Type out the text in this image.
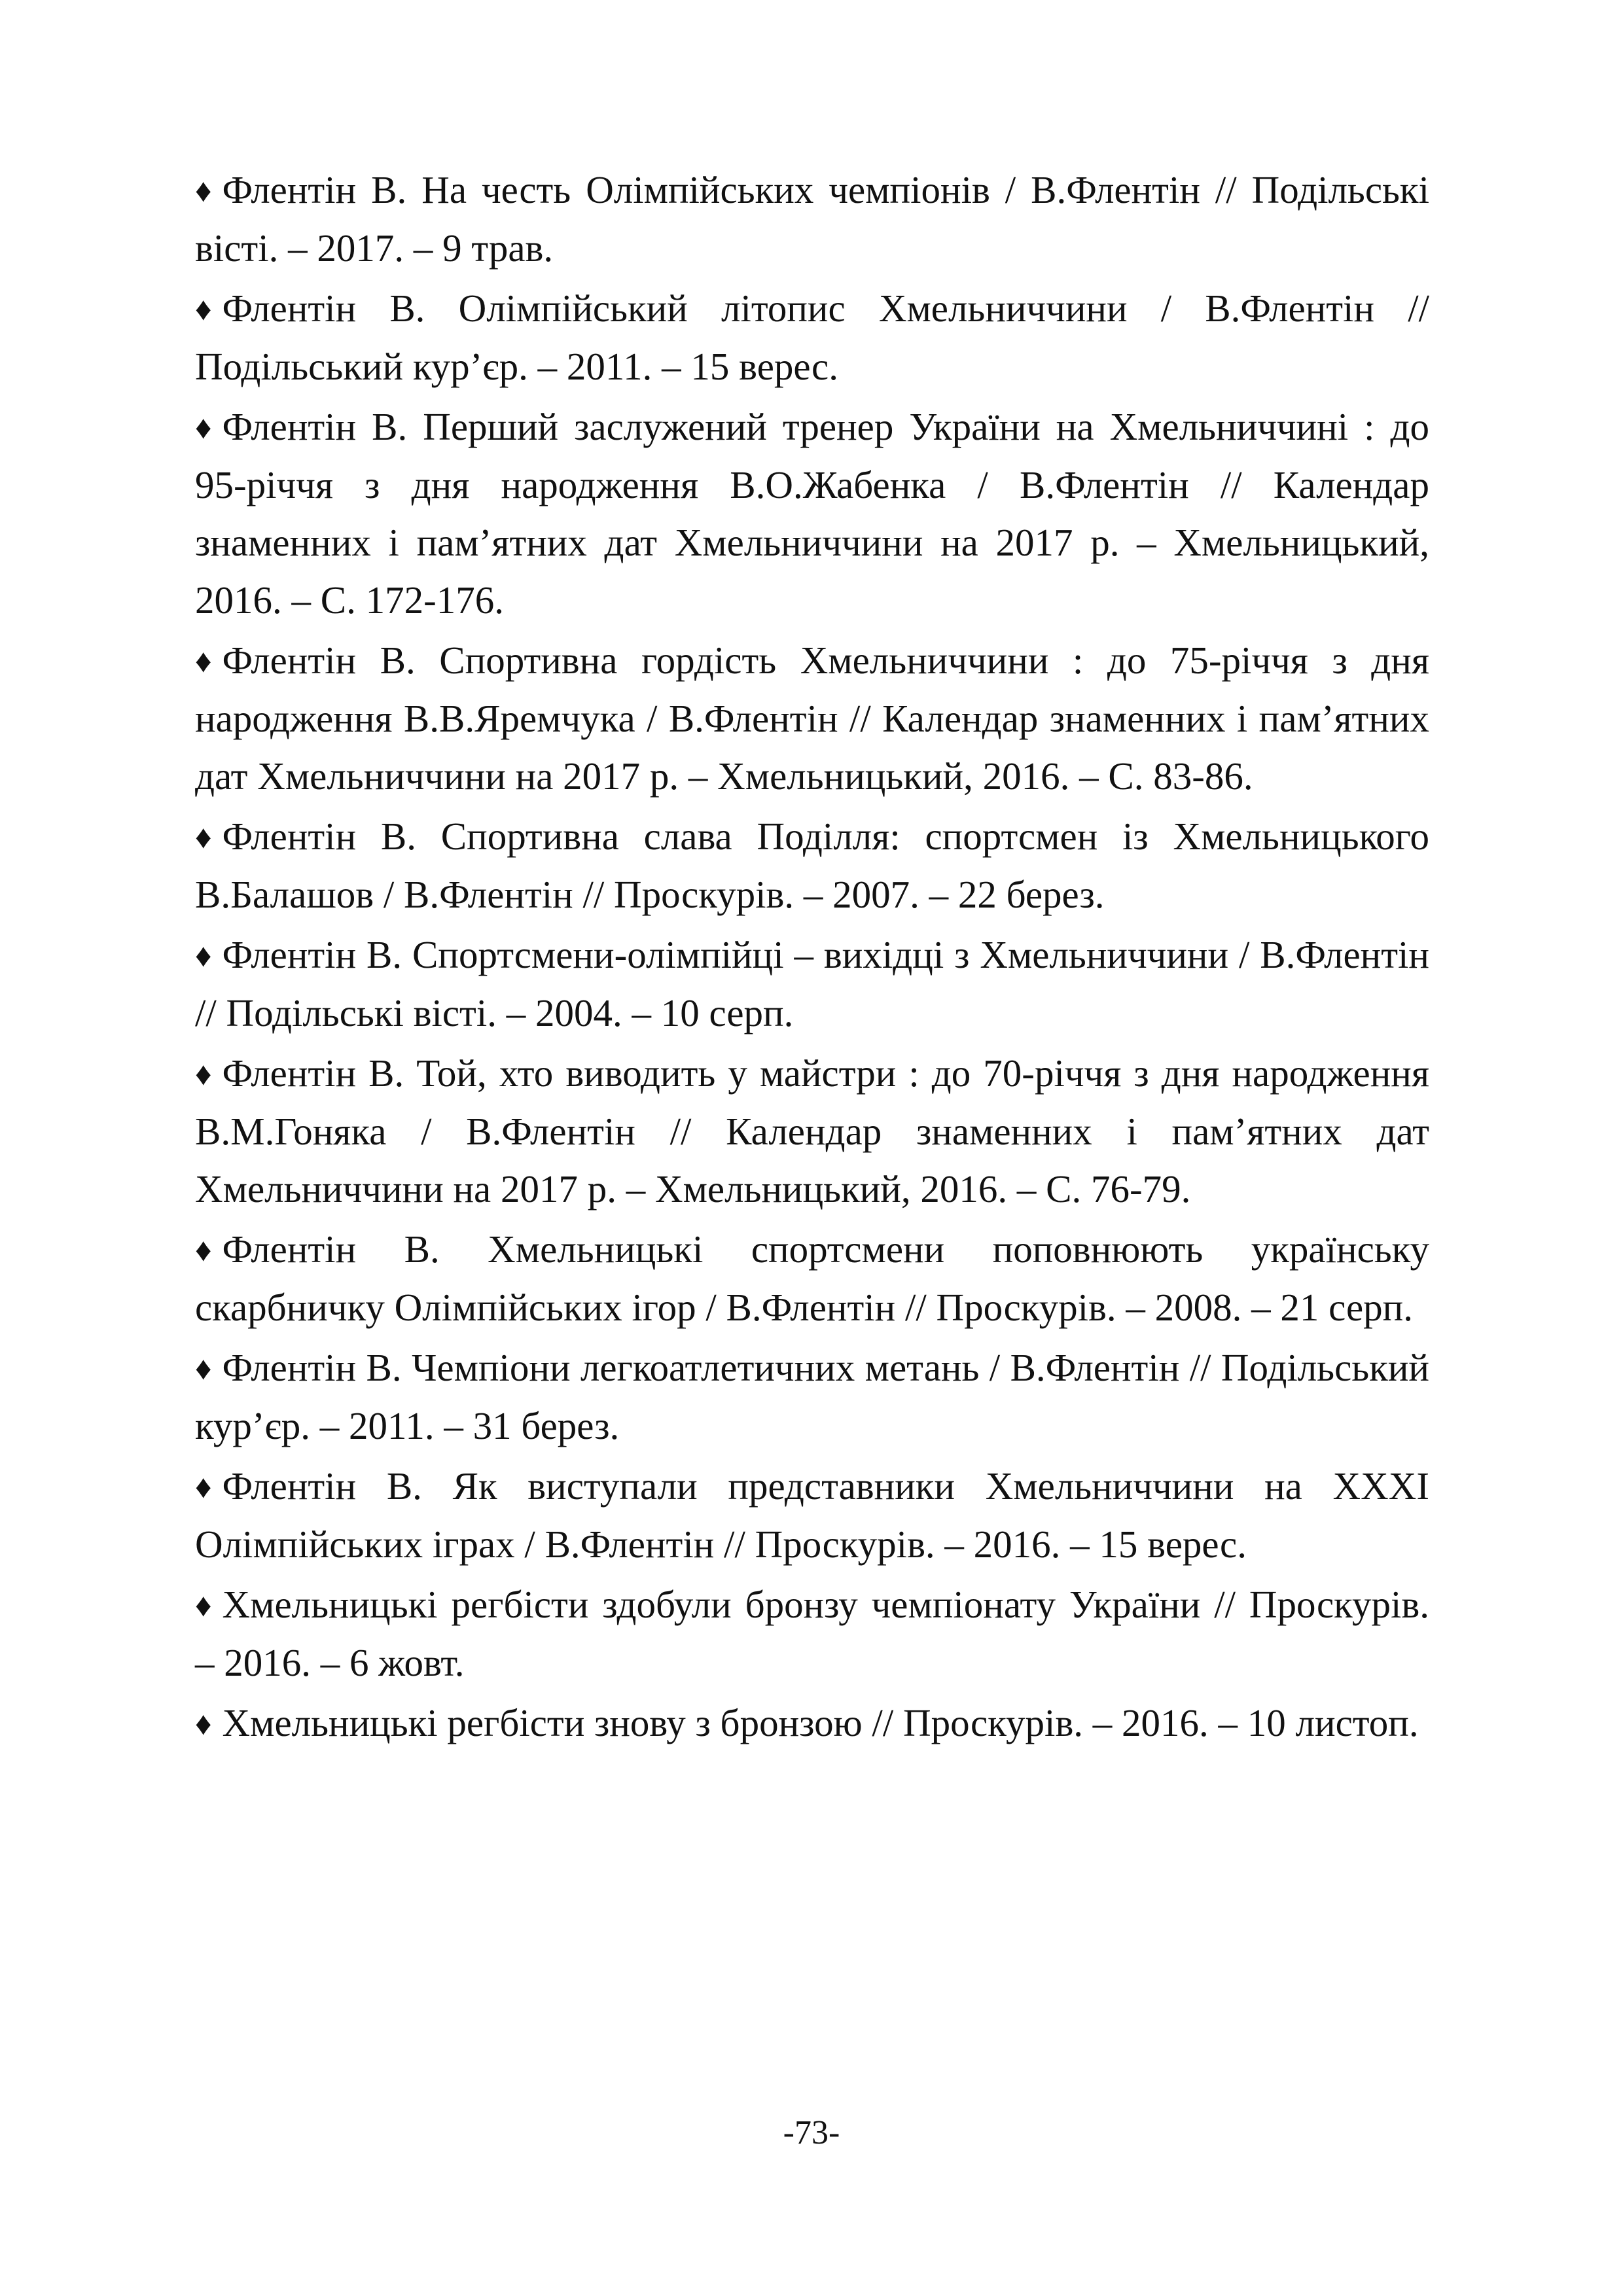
♦ Флентін В. На честь Олімпійських чемпіонів / В.Флентін // Подільські вісті. – 2017. – 9 трав.

♦ Флентін В. Олімпійський літопис Хмельниччини / В.Флентін // Подільський кур’єр. – 2011. – 15 верес.

♦ Флентін В. Перший заслужений тренер України на Хмельниччині : до 95-річчя з дня народження В.О.Жабенка / В.Флентін // Календар знаменних і пам’ятних дат Хмельниччини на 2017 р. – Хмельницький, 2016. – С. 172-176.

♦ Флентін В. Спортивна гордість Хмельниччини : до 75-річчя з дня народження В.В.Яремчука / В.Флентін // Календар знаменних і пам’ятних дат Хмельниччини на 2017 р. – Хмельницький, 2016. – С. 83-86.

♦ Флентін В. Спортивна слава Поділля: спортсмен із Хмельницького В.Балашов / В.Флентін // Проскурів. – 2007. – 22 берез.

♦ Флентін В. Спортсмени-олімпійці – вихідці з Хмельниччини / В.Флентін // Подільські вісті. – 2004. – 10 серп.

♦ Флентін В. Той, хто виводить у майстри : до 70-річчя з дня народження В.М.Гоняка / В.Флентін // Календар знаменних і пам’ятних дат Хмельниччини на 2017 р. – Хмельницький, 2016. – С. 76-79.

♦ Флентін В. Хмельницькі спортсмени поповнюють українську скарбничку Олімпійських ігор / В.Флентін // Проскурів. – 2008. – 21 серп.

♦ Флентін В. Чемпіони легкоатлетичних метань / В.Флентін // Подільський кур’єр. – 2011. – 31 берез.

♦ Флентін В. Як виступали представники Хмельниччини на XXXI Олімпійських іграх / В.Флентін // Проскурів. – 2016. – 15 верес.

♦ Хмельницькі регбісти здобули бронзу чемпіонату України // Проскурів. – 2016. – 6 жовт.

♦ Хмельницькі регбісти знову з бронзою // Проскурів. – 2016. – 10 листоп.

-73-
